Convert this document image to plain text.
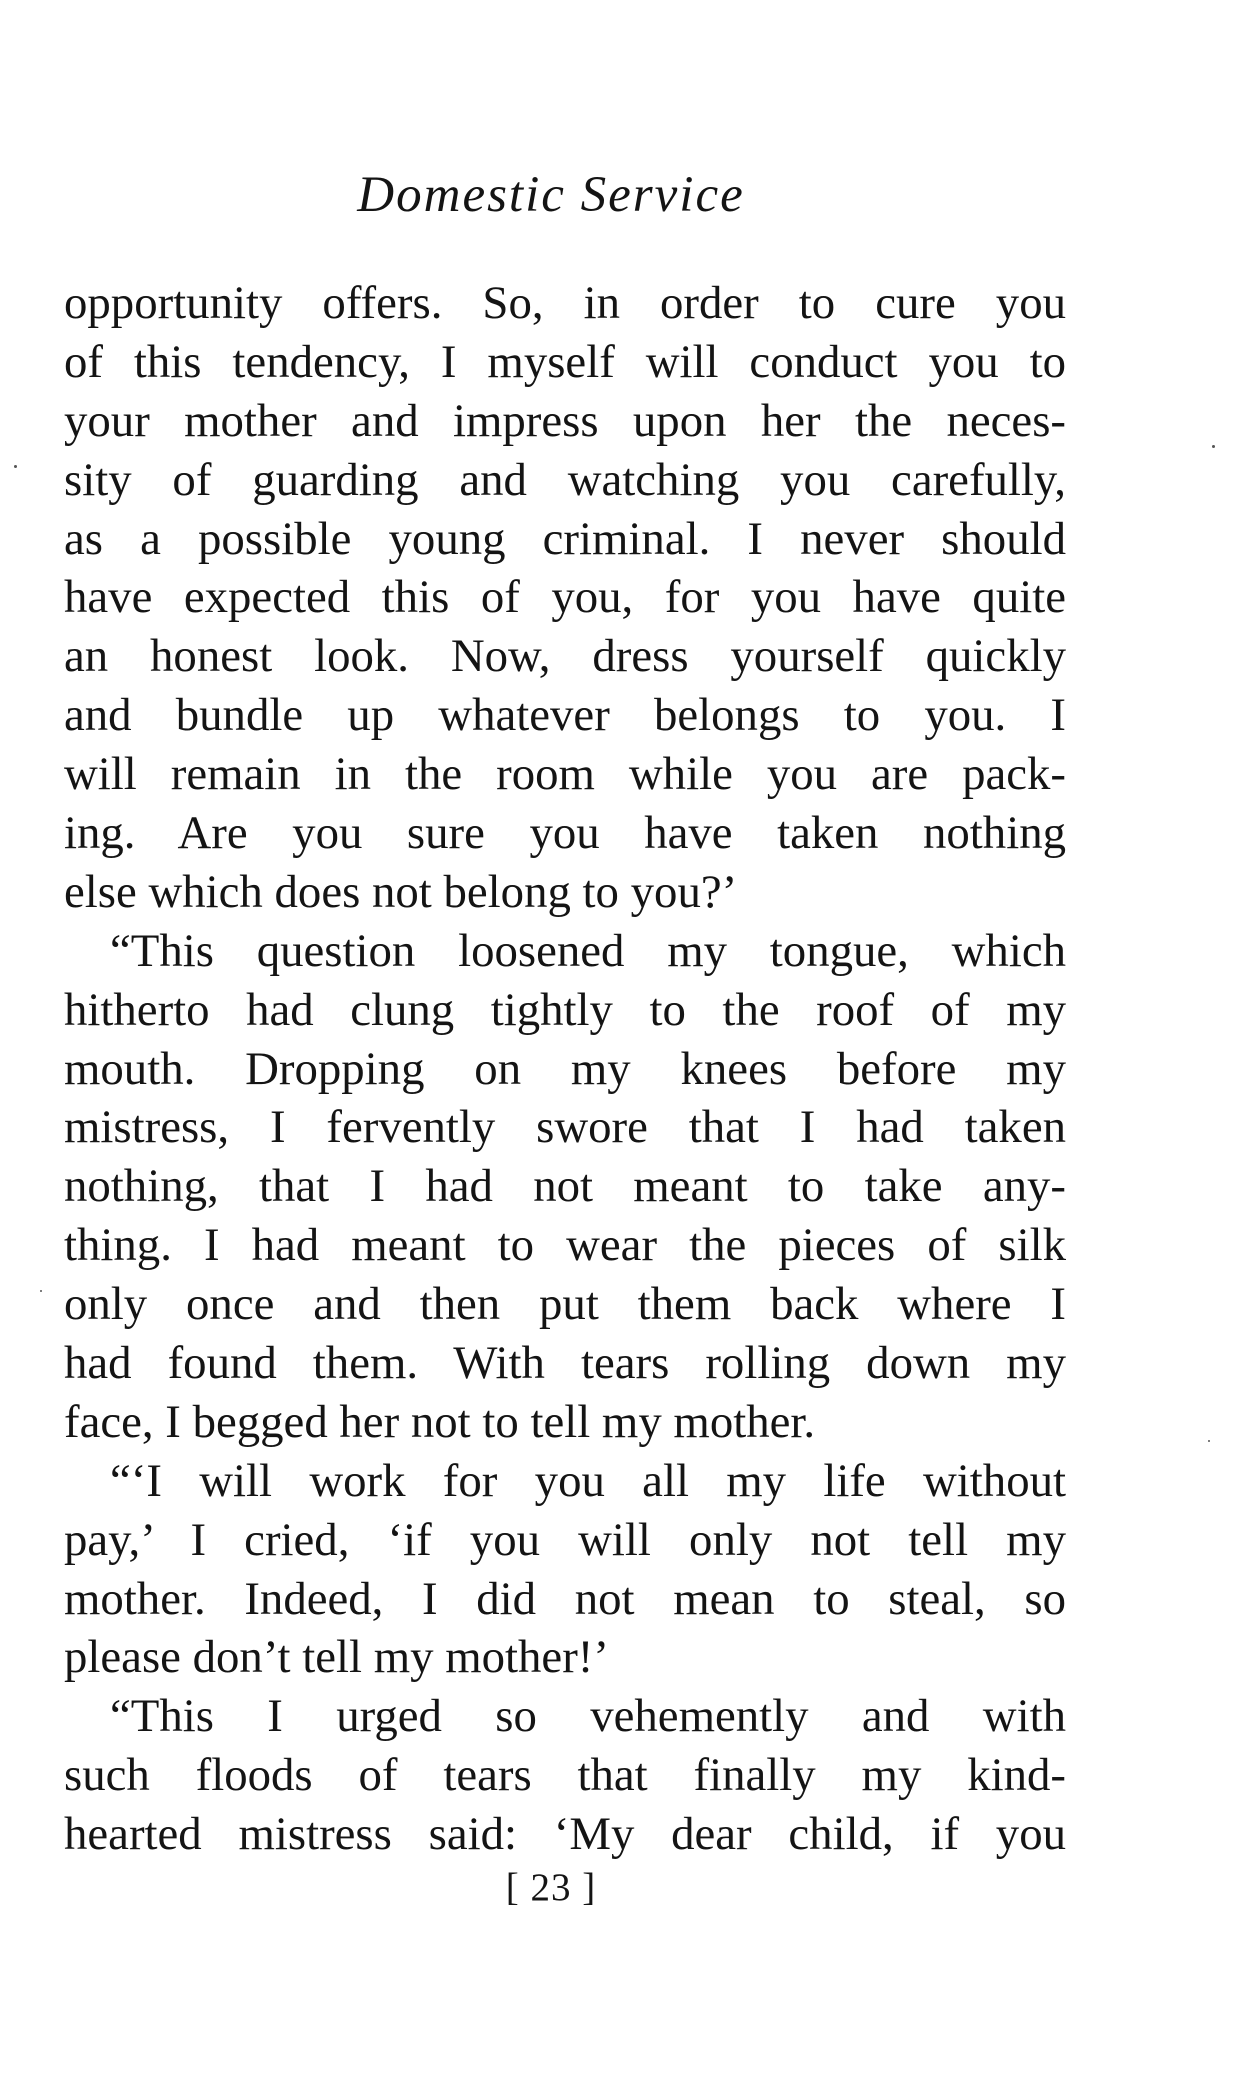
Domestic Service
opportunity offers. So, in order to cure you
of this tendency, I myself will conduct you to
your mother and impress upon her the neces-
sity of guarding and watching you carefully,
as a possible young criminal. I never should
have expected this of you, for you have quite
an honest look. Now, dress yourself quickly
and bundle up whatever belongs to you. I
will remain in the room while you are pack-
ing. Are you sure you have taken nothing
else which does not belong to you?’
“This question loosened my tongue, which
hitherto had clung tightly to the roof of my
mouth. Dropping on my knees before my
mistress, I fervently swore that I had taken
nothing, that I had not meant to take any-
thing. I had meant to wear the pieces of silk
only once and then put them back where I
had found them. With tears rolling down my
face, I begged her not to tell my mother.
“‘I will work for you all my life without
pay,’ I cried, ‘if you will only not tell my
mother. Indeed, I did not mean to steal, so
please don’t tell my mother!’
“This I urged so vehemently and with
such floods of tears that finally my kind-
hearted mistress said: ‘My dear child, if you
[ 23 ]
